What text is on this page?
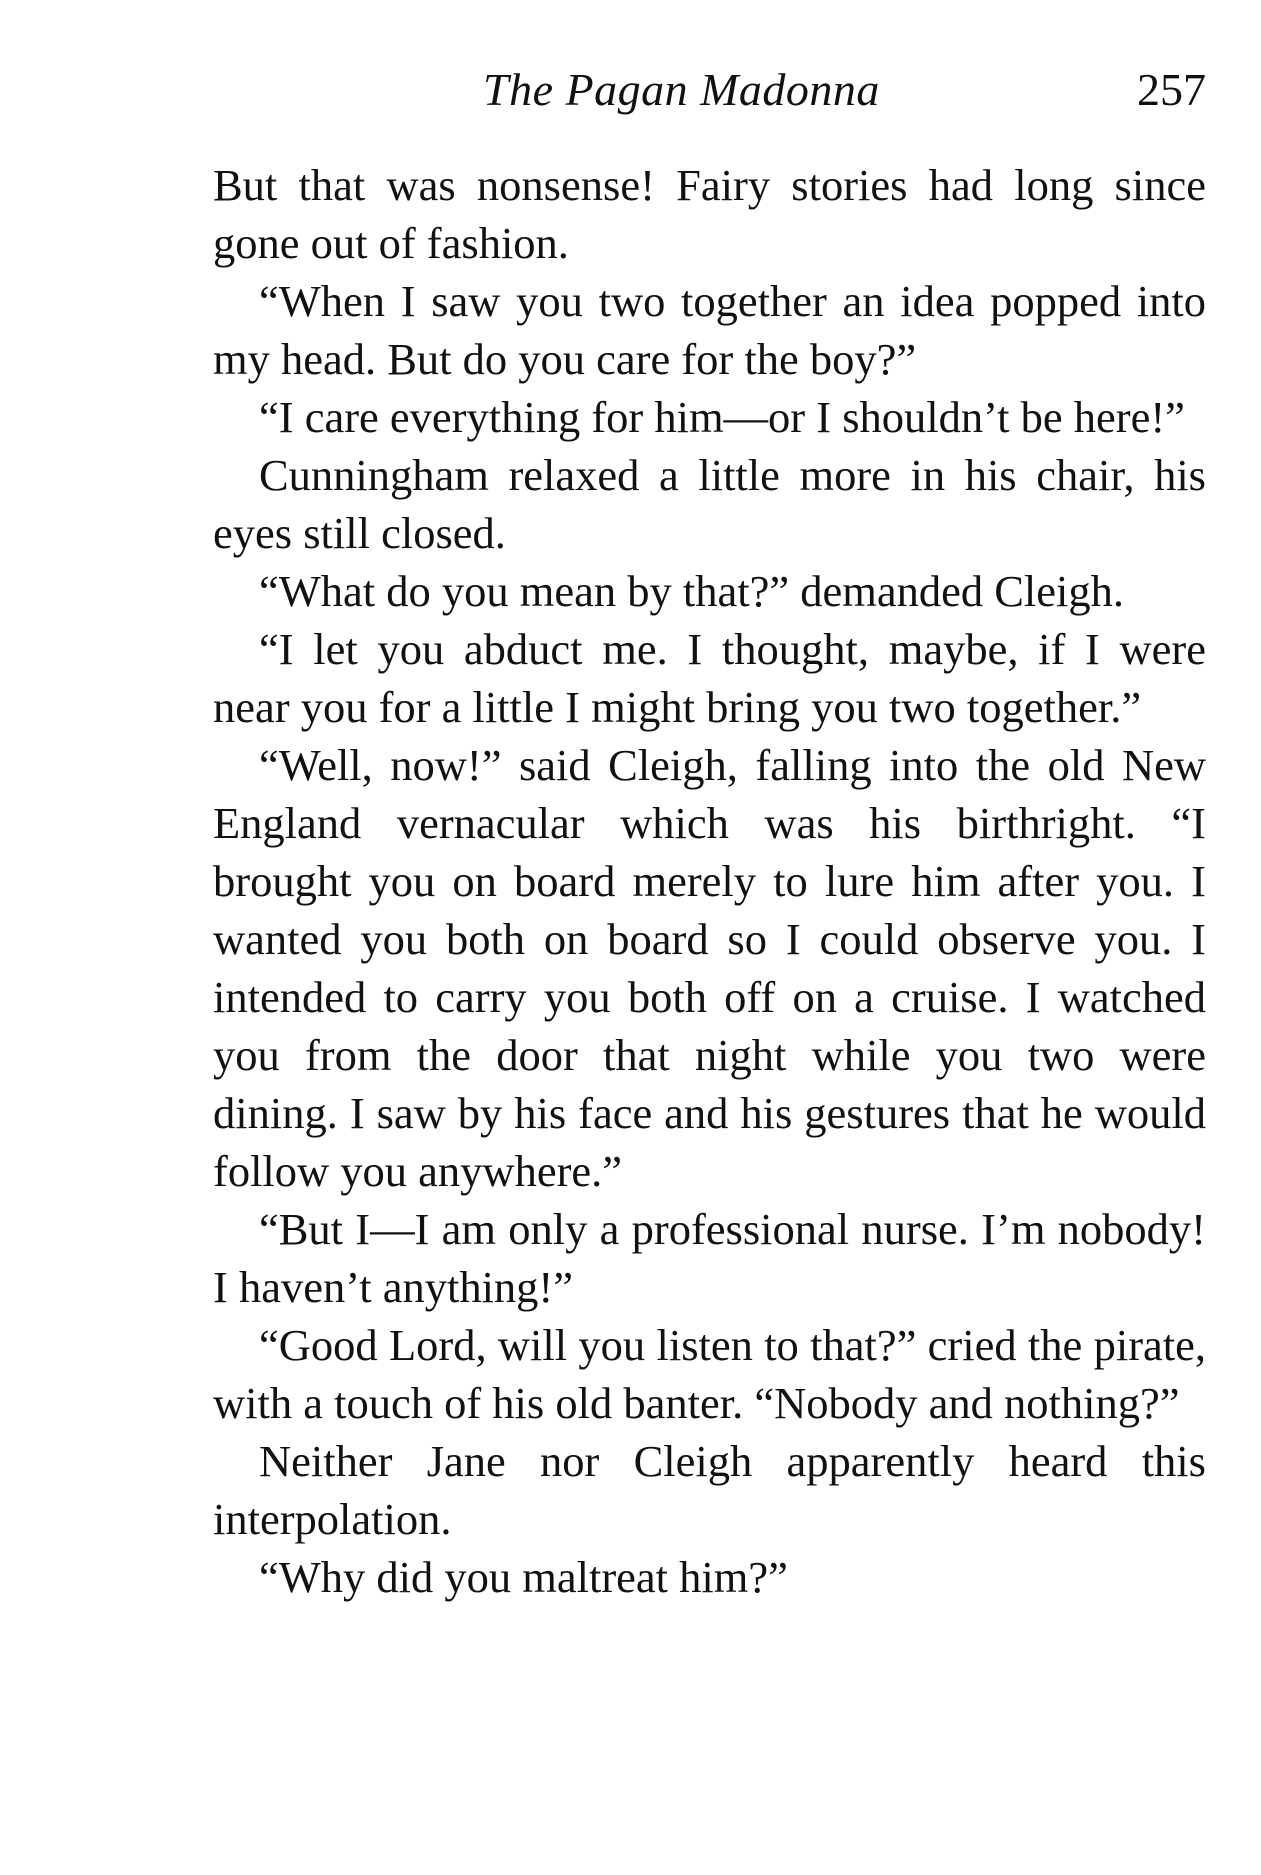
The Pagan Madonna	257

But that was nonsense! Fairy stories had long since gone out of fashion.

“When I saw you two together an idea popped into my head. But do you care for the boy?”

“I care everything for him—or I shouldn’t be here!”

Cunningham relaxed a little more in his chair, his eyes still closed.

“What do you mean by that?” demanded Cleigh.

“I let you abduct me. I thought, maybe, if I were near you for a little I might bring you two together.”

“Well, now!” said Cleigh, falling into the old New England vernacular which was his birthright. “I brought you on board merely to lure him after you. I wanted you both on board so I could observe you. I intended to carry you both off on a cruise. I watched you from the door that night while you two were dining. I saw by his face and his gestures that he would follow you anywhere.”

“But I—I am only a professional nurse. I’m nobody! I haven’t anything!”

“Good Lord, will you listen to that?” cried the pirate, with a touch of his old banter. “Nobody and nothing?”

Neither Jane nor Cleigh apparently heard this interpolation.

“Why did you maltreat him?”
